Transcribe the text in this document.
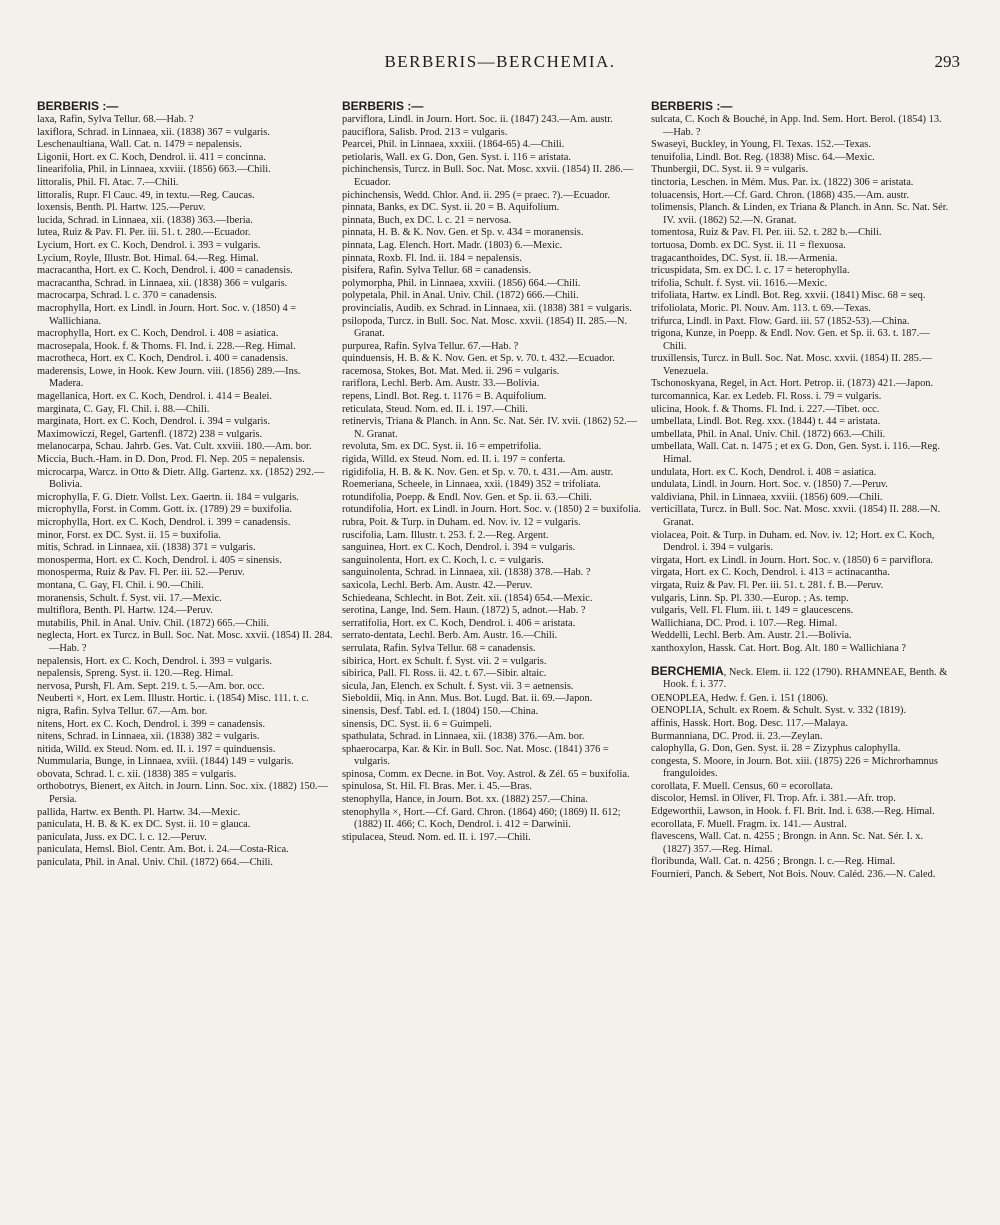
BERBERIS—BERCHEMIA.	293
BERBERIS :—
laxa, Rafin, Sylva Tellur. 68.—Hab. ?
laxiflora, Schrad. in Linnaea, xii. (1838) 367 = vulgaris.
Leschenaultiana, Wall. Cat. n. 1479 = nepalensis.
Ligonii, Hort. ex C. Koch, Dendrol. ii. 411 = concinna.
linearifolia, Phil. in Linnaea, xxviii. (1856) 663.—Chili.
littoralis, Phil. Fl. Atac. 7.—Chili.
littoralis, Rupr. Fl Cauc. 49, in textu.—Reg. Caucas.
loxensis, Benth. Pl. Hartw. 125.—Peruv.
lucida, Schrad. in Linnaea, xii. (1838) 363.—Iberia.
lutea, Ruiz & Pav. Fl. Per. iii. 51. t. 280.—Ecuador.
Lycium, Hort. ex C. Koch, Dendrol. i. 393 = vulgaris.
Lycium, Royle, Illustr. Bot. Himal. 64.—Reg. Himal.
macracantha, Hort. ex C. Koch, Dendrol. i. 400 = canadensis.
macracantha, Schrad. in Linnaea, xii. (1838) 366 = vulgaris.
macrocarpa, Schrad. l. c. 370 = canadensis.
macrophylla, Hort. ex Lindl. in Journ. Hort. Soc. v. (1850) 4 = Wallichiana.
macrophylla, Hort. ex C. Koch, Dendrol. i. 408 = asiatica.
macrosepala, Hook. f. & Thoms. Fl. Ind. i. 228.—Reg. Himal.
macrotheca, Hort. ex C. Koch, Dendrol. i. 400 = canadensis.
maderensis, Lowe, in Hook. Kew Journ. viii. (1856) 289.—Ins. Madera.
magellanica, Hort. ex C. Koch, Dendrol. i. 414 = Bealei.
marginata, C. Gay, Fl. Chil. i. 88.—Chili.
marginata, Hort. ex C. Koch, Dendrol. i. 394 = vulgaris.
Maximowiczi, Regel, Gartenfl. (1872) 238 = vulgaris.
melanocarpa, Schau. Jahrb. Ges. Vat. Cult. xxviii. 180.—Am. bor.
Miccia, Buch.-Ham. in D. Don, Prod. Fl. Nep. 205 = nepalensis.
microcarpa, Warcz. in Otto & Dietr. Allg. Gartenz. xx. (1852) 292.—Bolivia.
microphylla, F. G. Dietr. Vollst. Lex. Gaertn. ii. 184 = vulgaris.
microphylla, Forst. in Comm. Gott. ix. (1789) 29 = buxifolia.
microphylla, Hort. ex C. Koch, Dendrol. i. 399 = canadensis.
minor, Forst. ex DC. Syst. ii. 15 = buxifolia.
mitis, Schrad. in Linnaea, xii. (1838) 371 = vulgaris.
monosperma, Hort. ex C. Koch, Dendrol. i. 405 = sinensis.
monosperma, Ruiz & Pav. Fl. Per. iii. 52.—Peruv.
montana, C. Gay, Fl. Chil. i. 90.—Chili.
moranensis, Schult. f. Syst. vii. 17.—Mexic.
multiflora, Benth. Pl. Hartw. 124.—Peruv.
mutabilis, Phil. in Anal. Univ. Chil. (1872) 665.—Chili.
neglecta, Hort. ex Turcz. in Bull. Soc. Nat. Mosc. xxvii. (1854) II. 284.—Hab. ?
nepalensis, Hort. ex C. Koch, Dendrol. i. 393 = vulgaris.
nepalensis, Spreng. Syst. ii. 120.—Reg. Himal.
nervosa, Pursh, Fl. Am. Sept. 219. t. 5.—Am. bor. occ.
Neuberti ×, Hort. ex Lem. Illustr. Hortic. i. (1854) Misc. 111. t. c.
nigra, Rafin. Sylva Tellur. 67.—Am. bor.
nitens, Hort. ex C. Koch, Dendrol. i. 399 = canadensis.
nitens, Schrad. in Linnaea, xii. (1838) 382 = vulgaris.
nitida, Willd. ex Steud. Nom. ed. II. i. 197 = quinduensis.
Nummularia, Bunge, in Linnaea, xviii. (1844) 149 = vulgaris.
obovata, Schrad. l. c. xii. (1838) 385 = vulgaris.
orthobotrys, Bienert, ex Aitch. in Journ. Linn. Soc. xix. (1882) 150.—Persia.
pallida, Hartw. ex Benth. Pl. Hartw. 34.—Mexic.
paniculata, H. B. & K. ex DC. Syst. ii. 10 = glauca.
paniculata, Juss. ex DC. l. c. 12.—Peruv.
paniculata, Hemsl. Biol. Centr. Am. Bot. i. 24.—Costa-Rica.
paniculata, Phil. in Anal. Univ. Chil. (1872) 664.—Chili.
BERBERIS :—
parviflora, Lindl. in Journ. Hort. Soc. ii. (1847) 243.—Am. austr.
pauciflora, Salisb. Prod. 213 = vulgaris.
Pearcei, Phil. in Linnaea, xxxiii. (1864-65) 4.—Chili.
petiolaris, Wall. ex G. Don, Gen. Syst. i. 116 = aristata.
pichinchensis, Turcz. in Bull. Soc. Nat. Mosc. xxvii. (1854) II. 286.—Ecuador.
pichinchensis, Wedd. Chlor. And. ii. 295 (= praec. ?).—Ecuador.
pinnata, Banks, ex DC. Syst. ii. 20 = B. Aquifolium.
pinnata, Buch, ex DC. l. c. 21 = nervosa.
pinnata, H. B. & K. Nov. Gen. et Sp. v. 434 = moranensis.
pinnata, Lag. Elench. Hort. Madr. (1803) 6.—Mexic.
pinnata, Roxb. Fl. Ind. ii. 184 = nepalensis.
pisifera, Rafin. Sylva Tellur. 68 = canadensis.
polymorpha, Phil. in Linnaea, xxviii. (1856) 664.—Chili.
polypetala, Phil. in Anal. Univ. Chil. (1872) 666.—Chili.
provincialis, Audib. ex Schrad. in Linnaea, xii. (1838) 381 = vulgaris.
psilopoda, Turcz. in Bull. Soc. Nat. Mosc. xxvii. (1854) II. 285.—N. Granat.
purpurea, Rafin. Sylva Tellur. 67.—Hab. ?
quinduensis, H. B. & K. Nov. Gen. et Sp. v. 70. t. 432.—Ecuador.
racemosa, Stokes, Bot. Mat. Med. ii. 296 = vulgaris.
rariflora, Lechl. Berb. Am. Austr. 33.—Bolivia.
repens, Lindl. Bot. Reg. t. 1176 = B. Aquifolium.
reticulata, Steud. Nom. ed. II. i. 197.—Chili.
retinervis, Triana & Planch. in Ann. Sc. Nat. Sér. IV. xvii. (1862) 52.—N. Granat.
revoluta, Sm. ex DC. Syst. ii. 16 = empetrifolia.
rigida, Willd. ex Steud. Nom. ed. II. i. 197 = conferta.
rigidifolia, H. B. & K. Nov. Gen. et Sp. v. 70. t. 431.—Am. austr.
Roemeriana, Scheele, in Linnaea, xxii. (1849) 352 = trifoliata.
rotundifolia, Poepp. & Endl. Nov. Gen. et Sp. ii. 63.—Chili.
rotundifolia, Hort. ex Lindl. in Journ. Hort. Soc. v. (1850) 2 = buxifolia.
rubra, Poit. & Turp. in Duham. ed. Nov. iv. 12 = vulgaris.
ruscifolia, Lam. Illustr. t. 253. f. 2.—Reg. Argent.
sanguinea, Hort. ex C. Koch, Dendrol. i. 394 = vulgaris.
sanguinolenta, Hort. ex C. Koch, l. c. = vulgaris.
sanguinolenta, Schrad. in Linnaea, xii. (1838) 378.—Hab. ?
saxicola, Lechl. Berb. Am. Austr. 42.—Peruv.
Schiedeana, Schlecht. in Bot. Zeit. xii. (1854) 654.—Mexic.
serotina, Lange, Ind. Sem. Haun. (1872) 5, adnot.—Hab. ?
serratifolia, Hort. ex C. Koch, Dendrol. i. 406 = aristata.
serrato-dentata, Lechl. Berb. Am. Austr. 16.—Chili.
serrulata, Rafin. Sylva Tellur. 68 = canadensis.
sibirica, Hort. ex Schult. f. Syst. vii. 2 = vulgaris.
sibirica, Pall. Fl. Ross. ii. 42. t. 67.—Sibir. altaic.
sicula, Jan, Elench. ex Schult. f. Syst. vii. 3 = aetnensis.
Sieboldii, Miq. in Ann. Mus. Bot. Lugd. Bat. ii. 69.—Japon.
sinensis, Desf. Tabl. ed. I. (1804) 150.—China.
sinensis, DC. Syst. ii. 6 = Guimpeli.
spathulata, Schrad. in Linnaea, xii. (1838) 376.—Am. bor.
sphaerocarpa, Kar. & Kir. in Bull. Soc. Nat. Mosc. (1841) 376 = vulgaris.
spinosa, Comm. ex Decne. in Bot. Voy. Astrol. & Zél. 65 = buxifolia.
spinulosa, St. Hil. Fl. Bras. Mer. i. 45.—Bras.
stenophylla, Hance, in Journ. Bot. xx. (1882) 257.—China.
stenophylla ×, Hort.—Cf. Gard. Chron. (1864) 460; (1869) II. 612; (1882) II. 466; C. Koch, Dendrol. i. 412 = Darwinii.
stipulacea, Steud. Nom. ed. II. i. 197.—Chili.
BERBERIS :—
sulcata, C. Koch & Bouché, in App. Ind. Sem. Hort. Berol. (1854) 13.—Hab. ?
Swaseyi, Buckley, in Young, Fl. Texas. 152.—Texas.
tenuifolia, Lindl. Bot. Reg. (1838) Misc. 64.—Mexic.
Thunbergii, DC. Syst. ii. 9 = vulgaris.
tinctoria, Leschen. in Mém. Mus. Par. ix. (1822) 306 = aristata.
toluacensis, Hort.—Cf. Gard. Chron. (1868) 435.—Am. austr.
tolimensis, Planch. & Linden, ex Triana & Planch. in Ann. Sc. Nat. Sér. IV. xvii. (1862) 52.—N. Granat.
tomentosa, Ruiz & Pav. Fl. Per. iii. 52. t. 282 b.—Chili.
tortuosa, Domb. ex DC. Syst. ii. 11 = flexuosa.
tragacanthoides, DC. Syst. ii. 18.—Armenia.
tricuspidata, Sm. ex DC. l. c. 17 = heterophylla.
trifolia, Schult. f. Syst. vii. 1616.—Mexic.
trifoliata, Hartw. ex Lindl. Bot. Reg. xxvii. (1841) Misc. 68 = seq.
trifoliolata, Moric. Pl. Nouv. Am. 113. t. 69.—Texas.
trifurca, Lindl. in Paxt. Flow. Gard. iii. 57 (1852-53).—China.
trigona, Kunze, in Poepp. & Endl. Nov. Gen. et Sp. ii. 63. t. 187.—Chili.
truxillensis, Turcz. in Bull. Soc. Nat. Mosc. xxvii. (1854) II. 285.—Venezuela.
Tschonoskyana, Regel, in Act. Hort. Petrop. ii. (1873) 421.—Japon.
turcomannica, Kar. ex Ledeb. Fl. Ross. i. 79 = vulgaris.
ulicina, Hook. f. & Thoms. Fl. Ind. i. 227.—Tibet. occ.
umbellata, Lindl. Bot. Reg. xxx. (1844) t. 44 = aristata.
umbellata, Phil. in Anal. Univ. Chil. (1872) 663.—Chili.
umbellata, Wall. Cat. n. 1475 ; et ex G. Don, Gen. Syst. i. 116.—Reg. Himal.
undulata, Hort. ex C. Koch, Dendrol. i. 408 = asiatica.
undulata, Lindl. in Journ. Hort. Soc. v. (1850) 7.—Peruv.
valdiviana, Phil. in Linnaea, xxviii. (1856) 609.—Chili.
verticillata, Turcz. in Bull. Soc. Nat. Mosc. xxvii. (1854) II. 288.—N. Granat.
violacea, Poit. & Turp. in Duham. ed. Nov. iv. 12; Hort. ex C. Koch, Dendrol. i. 394 = vulgaris.
virgata, Hort. ex Lindl. in Journ. Hort. Soc. v. (1850) 6 = parviflora.
virgata, Hort. ex C. Koch, Dendrol. i. 413 = actinacantha.
virgata, Ruiz & Pav. Fl. Per. iii. 51. t. 281. f. B.—Peruv.
vulgaris, Linn. Sp. Pl. 330.—Europ. ; As. temp.
vulgaris, Vell. Fl. Flum. iii. t. 149 = glaucescens.
Wallichiana, DC. Prod. i. 107.—Reg. Himal.
Weddelli, Lechl. Berb. Am. Austr. 21.—Bolivia.
xanthoxylon, Hassk. Cat. Hort. Bog. Alt. 180 = Wallichiana ?
BERCHEMIA, Neck. Elem. ii. 122 (1790). RHAMNEAE, Benth. & Hook. f. i. 377.
OENOPLEA, Hedw. f. Gen. i. 151 (1806).
OENOPLIA, Schult. ex Roem. & Schult. Syst. v. 332 (1819).
affinis, Hassk. Hort. Bog. Desc. 117.—Malaya.
Burmanniana, DC. Prod. ii. 23.—Zeylan.
calophylla, G. Don, Gen. Syst. ii. 28 = Zizyphus calophylla.
congesta, S. Moore, in Journ. Bot. xiii. (1875) 226 = Michrorhamnus franguloides.
corollata, F. Muell. Census, 60 = ecorollata.
discolor, Hemsl. in Oliver, Fl. Trop. Afr. i. 381.—Afr. trop.
Edgeworthii, Lawson, in Hook. f. Fl. Brit. Ind. i. 638.—Reg. Himal.
ecorollata, F. Muell. Fragm. ix. 141.— Austral.
flavescens, Wall. Cat. n. 4255 ; Brongn. in Ann. Sc. Nat. Sér. I. x. (1827) 357.—Reg. Himal.
floribunda, Wall. Cat. n. 4256 ; Brongn. l. c.—Reg. Himal.
Fournieri, Panch. & Sebert, Not Bois. Nouv. Caléd. 236.—N. Caled.
